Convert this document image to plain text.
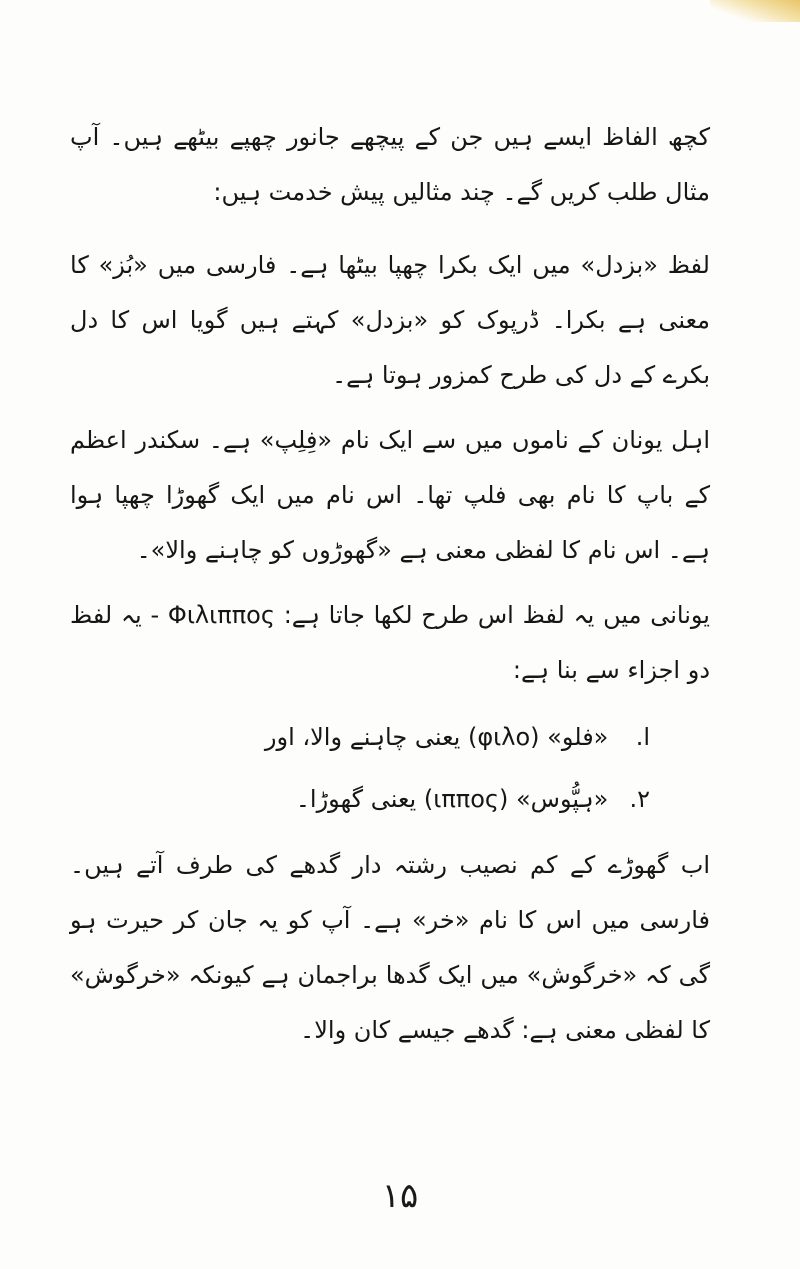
کچھ الفاظ ایسے ہیں جن کے پیچھے جانور چھپے بیٹھے ہیں۔ آپ مثال طلب کریں گے۔ چند مثالیں پیش خدمت ہیں:

لفظ «بزدل» میں ایک بکرا چھپا بیٹھا ہے۔ فارسی میں «بُز» کا معنی ہے بکرا۔ ڈرپوک کو «بزدل» کہتے ہیں گویا اس کا دل بکرے کے دل کی طرح کمزور ہوتا ہے۔

اہل یونان کے ناموں میں سے ایک نام «فِلِپ» ہے۔ سکندر اعظم کے باپ کا نام بھی فلپ تھا۔ اس نام میں ایک گھوڑا چھپا ہوا ہے۔ اس نام کا لفظی معنی ہے «گھوڑوں کو چاہنے والا»۔

یونانی میں یہ لفظ اس طرح لکھا جاتا ہے: Φιλιππος - یہ لفظ دو اجزاء سے بنا ہے:

ا. «فلو» (φιλο) یعنی چاہنے والا، اور
۲. «ہپُّوس» (ιππος) یعنی گھوڑا۔

اب گھوڑے کے کم نصیب رشتہ دار گدھے کی طرف آتے ہیں۔ فارسی میں اس کا نام «خر» ہے۔ آپ کو یہ جان کر حیرت ہو گی کہ «خرگوش» میں ایک گدھا براجمان ہے کیونکہ «خرگوش» کا لفظی معنی ہے: گدھے جیسے کان والا۔

۱۵
